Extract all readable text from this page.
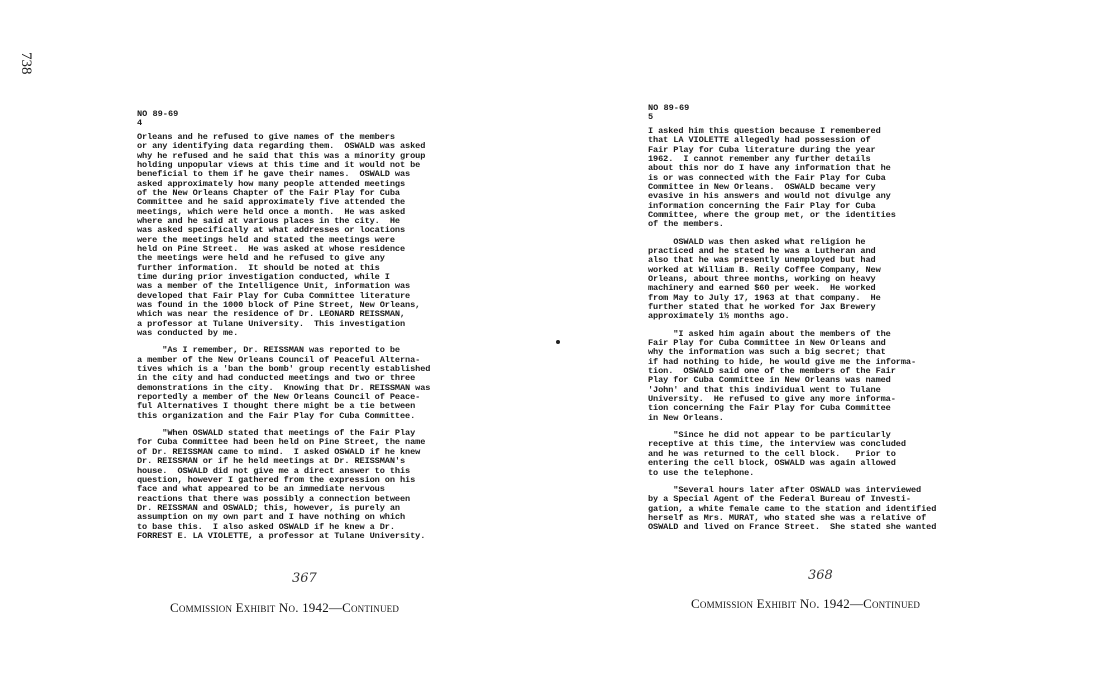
738
NO 89-69
4
Orleans and he refused to give names of the members
or any identifying data regarding them.  OSWALD was asked
why he refused and he said that this was a minority group
holding unpopular views at this time and it would not be
beneficial to them if he gave their names.  OSWALD was
asked approximately how many people attended meetings
of the New Orleans Chapter of the Fair Play for Cuba
Committee and he said approximately five attended the
meetings, which were held once a month.  He was asked
where and he said at various places in the city.  He
was asked specifically at what addresses or locations
were the meetings held and stated the meetings were
held on Pine Street.  He was asked at whose residence
the meetings were held and he refused to give any
further information.  It should be noted at this
time during prior investigation conducted, while I
was a member of the Intelligence Unit, information was
developed that Fair Play for Cuba Committee literature
was found in the 1000 block of Pine Street, New Orleans,
which was near the residence of Dr. LEONARD REISSMAN,
a professor at Tulane University.  This investigation
was conducted by me.
"As I remember, Dr. REISSMAN was reported to be
a member of the New Orleans Council of Peaceful Alterna-
tives which is a 'ban the bomb' group recently established
in the city and had conducted meetings and two or three
demonstrations in the city.  Knowing that Dr. REISSMAN was
reportedly a member of the New Orleans Council of Peace-
ful Alternatives I thought there might be a tie between
this organization and the Fair Play for Cuba Committee.
"When OSWALD stated that meetings of the Fair Play
for Cuba Committee had been held on Pine Street, the name
of Dr. REISSMAN came to mind.  I asked OSWALD if he knew
Dr. REISSMAN or if he held meetings at Dr. REISSMAN's
house.  OSWALD did not give me a direct answer to this
question, however I gathered from the expression on his
face and what appeared to be an immediate nervous
reactions that there was possibly a connection between
Dr. REISSMAN and OSWALD; this, however, is purely an
assumption on my own part and I have nothing on which
to base this.  I also asked OSWALD if he knew a Dr.
FORREST E. LA VIOLETTE, a professor at Tulane University.
NO 89-69
5
I asked him this question because I remembered
that LA VIOLETTE allegedly had possession of
Fair Play for Cuba literature during the year
1962.  I cannot remember any further details
about this nor do I have any information that he
is or was connected with the Fair Play for Cuba
Committee in New Orleans.  OSWALD became very
evasive in his answers and would not divulge any
information concerning the Fair Play for Cuba
Committee, where the group met, or the identities
of the members.
OSWALD was then asked what religion he
practiced and he stated he was a Lutheran and
also that he was presently unemployed but had
worked at William B. Reily Coffee Company, New
Orleans, about three months, working on heavy
machinery and earned $60 per week.  He worked
from May to July 17, 1963 at that company.  He
further stated that he worked for Jax Brewery
approximately 1½ months ago.
"I asked him again about the members of the
Fair Play for Cuba Committee in New Orleans and
why the information was such a big secret; that
if had nothing to hide, he would give me the informa-
tion.  OSWALD said one of the members of the Fair
Play for Cuba Committee in New Orleans was named
'John' and that this individual went to Tulane
University.  He refused to give any more informa-
tion concerning the Fair Play for Cuba Committee
in New Orleans.
"Since he did not appear to be particularly
receptive at this time, the interview was concluded
and he was returned to the cell block.   Prior to
entering the cell block, OSWALD was again allowed
to use the telephone.
"Several hours later after OSWALD was interviewed
by a Special Agent of the Federal Bureau of Investi-
gation, a white female came to the station and identified
herself as Mrs. MURAT, who stated she was a relative of
OSWALD and lived on France Street.  She stated she wanted
367	368
Commission Exhibit No. 1942—Continued	Commission Exhibit No. 1942—Continued
